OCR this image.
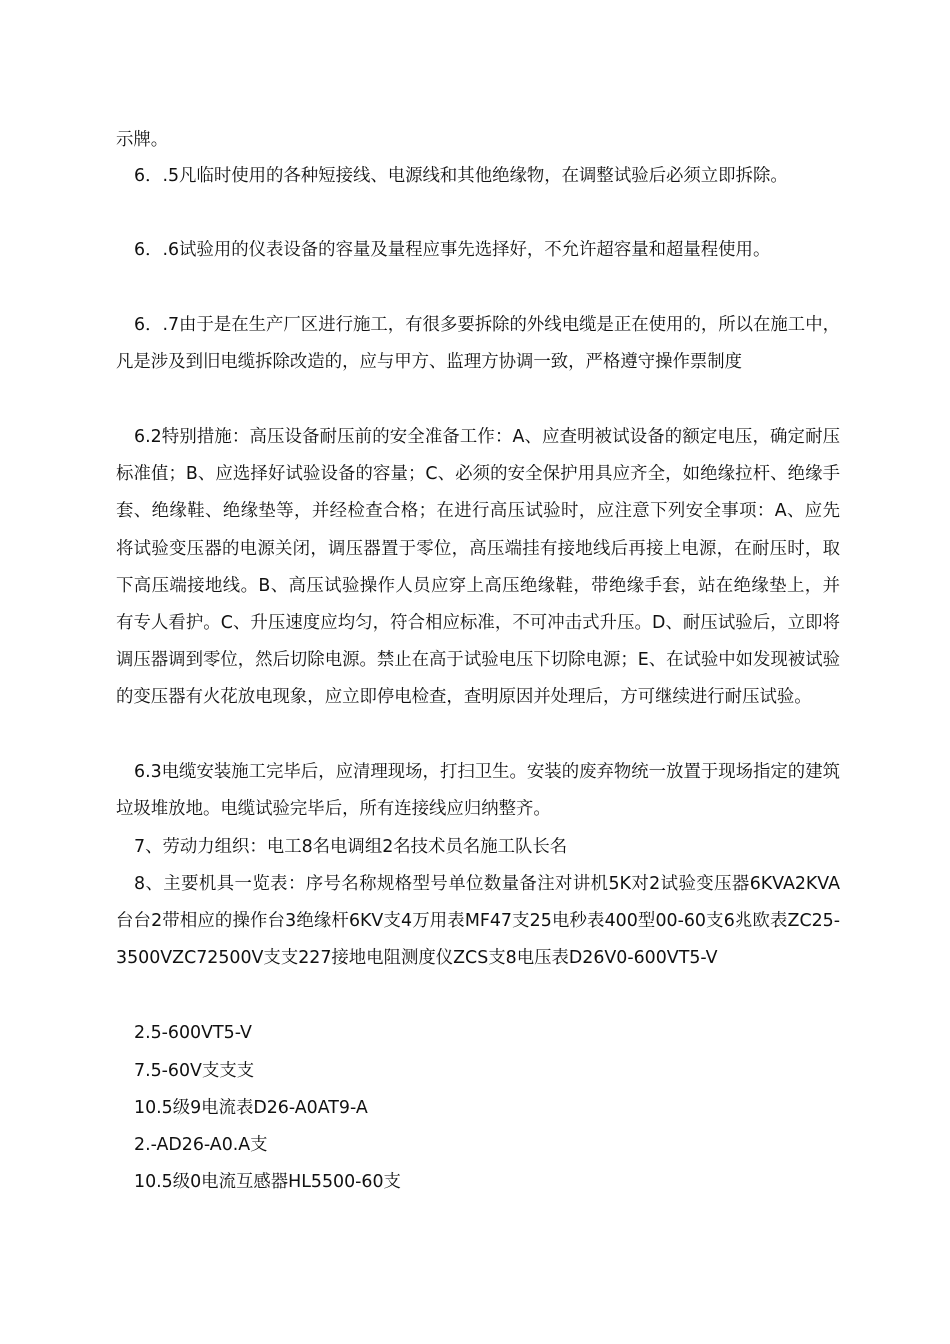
示牌。

6．.5凡临时使用的各种短接线、电源线和其他绝缘物，在调整试验后必须立即拆除。

6．.6试验用的仪表设备的容量及量程应事先选择好，不允许超容量和超量程使用。

6．.7由于是在生产厂区进行施工，有很多要拆除的外线电缆是正在使用的，所以在施工中，凡是涉及到旧电缆拆除改造的，应与甲方、监理方协调一致，严格遵守操作票制度

6.2特别措施：高压设备耐压前的安全准备工作：A、应查明被试设备的额定电压，确定耐压标准值；B、应选择好试验设备的容量；C、必须的安全保护用具应齐全，如绝缘拉杆、绝缘手套、绝缘鞋、绝缘垫等，并经检查合格；在进行高压试验时，应注意下列安全事项：A、应先将试验变压器的电源关闭，调压器置于零位，高压端挂有接地线后再接上电源，在耐压时，取下高压端接地线。B、高压试验操作人员应穿上高压绝缘鞋，带绝缘手套，站在绝缘垫上，并有专人看护。C、升压速度应均匀，符合相应标准，不可冲击式升压。D、耐压试验后，立即将调压器调到零位，然后切除电源。禁止在高于试验电压下切除电源；E、在试验中如发现被试验的变压器有火花放电现象，应立即停电检查，查明原因并处理后，方可继续进行耐压试验。

6.3电缆安装施工完毕后，应清理现场，打扫卫生。安装的废弃物统一放置于现场指定的建筑垃圾堆放地。电缆试验完毕后，所有连接线应归纳整齐。

7、劳动力组织：电工8名电调组2名技术员名施工队长名

8、主要机具一览表：序号名称规格型号单位数量备注对讲机5K对2试验变压器6KVA2KVA台台2带相应的操作台3绝缘杆6KV支4万用表MF47支25电秒表400型00-60支6兆欧表ZC25-3500VZC72500V支支227接地电阻测度仪ZCS支8电压表D26V0-600VT5-V

2.5-600VT5-V

7.5-60V支支支

10.5级9电流表D26-A0AT9-A

2.-AD26-A0.A支

10.5级0电流互感器HL5500-60支
